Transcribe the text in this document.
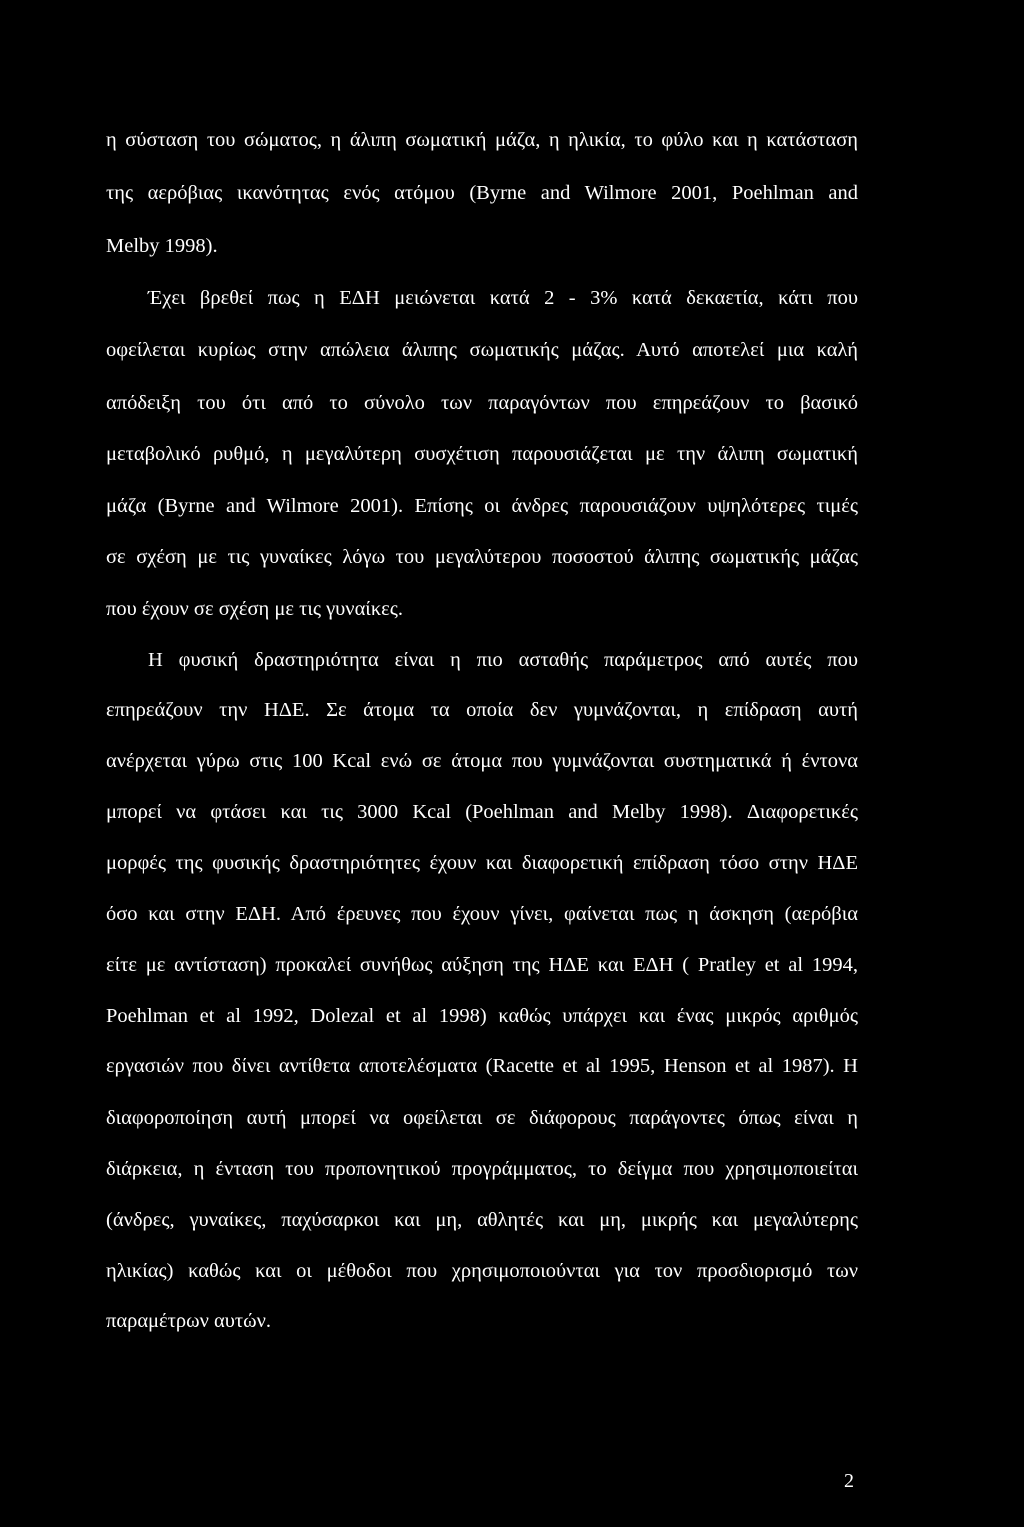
η σύσταση του σώματος, η άλιπη σωματική μάζα, η ηλικία, το φύλο και η κατάσταση
της αερόβιας ικανότητας ενός ατόμου (Byrne and Wilmore 2001, Poehlman and
Melby 1998).
Έχει βρεθεί πως η ΕΔΗ μειώνεται κατά 2 - 3% κατά δεκαετία, κάτι που
οφείλεται κυρίως στην απώλεια άλιπης σωματικής μάζας. Αυτό αποτελεί μια καλή
απόδειξη του ότι από το σύνολο των παραγόντων που επηρεάζουν το βασικό
μεταβολικό ρυθμό, η μεγαλύτερη συσχέτιση παρουσιάζεται με την άλιπη σωματική
μάζα (Byrne and Wilmore 2001). Επίσης οι άνδρες παρουσιάζουν υψηλότερες τιμές
σε σχέση με τις γυναίκες λόγω του μεγαλύτερου ποσοστού άλιπης σωματικής μάζας
που έχουν σε σχέση με τις γυναίκες.
Η φυσική δραστηριότητα είναι η πιο ασταθής παράμετρος από αυτές που
επηρεάζουν την ΗΔΕ. Σε άτομα τα οποία δεν γυμνάζονται, η επίδραση αυτή
ανέρχεται γύρω στις 100 Kcal ενώ σε άτομα που γυμνάζονται συστηματικά ή έντονα
μπορεί να φτάσει και τις 3000 Kcal (Poehlman and Melby 1998). Διαφορετικές
μορφές της φυσικής δραστηριότητες έχουν και διαφορετική επίδραση τόσο στην ΗΔΕ
όσο και στην ΕΔΗ. Από έρευνες που έχουν γίνει, φαίνεται πως η άσκηση (αερόβια
είτε με αντίσταση) προκαλεί συνήθως αύξηση της ΗΔΕ και ΕΔΗ ( Pratley et al 1994,
Poehlman et al 1992, Dolezal et al 1998) καθώς υπάρχει και ένας μικρός αριθμός
εργασιών που δίνει αντίθετα αποτελέσματα (Racette et al 1995, Henson et al 1987). Η
διαφοροποίηση αυτή μπορεί να οφείλεται σε διάφορους παράγοντες όπως είναι η
διάρκεια, η ένταση του προπονητικού προγράμματος, το δείγμα που χρησιμοποιείται
(άνδρες, γυναίκες, παχύσαρκοι και μη, αθλητές και μη, μικρής και μεγαλύτερης
ηλικίας) καθώς και οι μέθοδοι που χρησιμοποιούνται για τον προσδιορισμό των
παραμέτρων αυτών.
2
